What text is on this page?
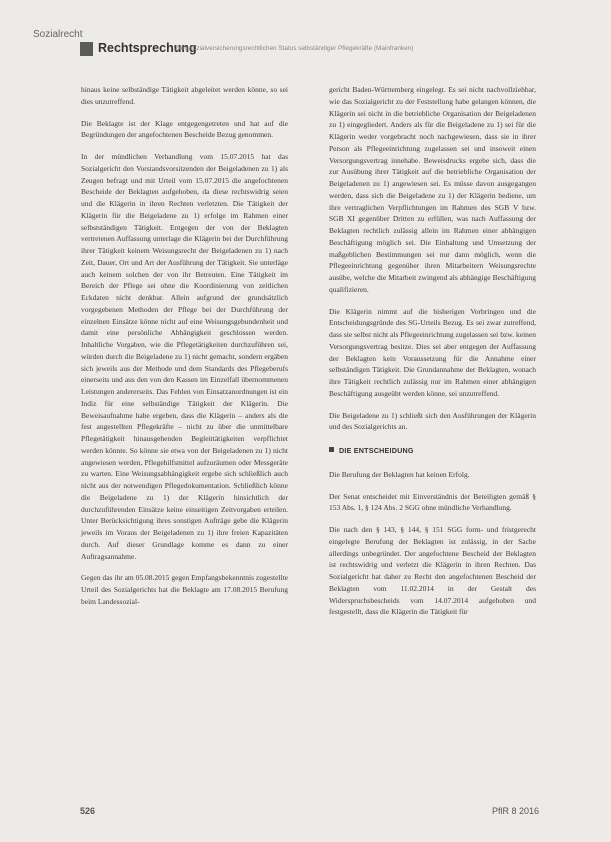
Sozialrecht
Rechtsprechung
Zum sozialversicherungsrechtlichen Status selbständiger Pflegekräfte (Mainfranken)

hinaus keine selbständige Tätigkeit abgeleitet werden könne, so sei dies unzutreffend.

Die Beklagte ist der Klage entgegengetreten und hat auf die Begründungen der angefochtenen Bescheide Bezug genommen.

In der mündlichen Verhandlung vom 15.07.2015 hat das Sozialgericht den Vorstandsvorsitzenden der Beigeladenen zu 1) als Zeugen befragt und mit Urteil vom 15.07.2015 die angefochtenen Bescheide der Beklagten aufgehoben, da diese rechtswidrig seien und die Klägerin in ihren Rechten verletzten. Die Tätigkeit der Klägerin für die Beigeladene zu 1) erfolge im Rahmen einer selbstständigen Tätigkeit. Entgegen der von der Beklagten vertretenen Auffassung unterlage die Klägerin bei der Durchführung ihrer Tätigkeit keinem Weisungsrecht der Beigeladenen zu 1) nach Zeit, Dauer, Ort und Art der Ausführung der Tätigkeit. Sie unterläge auch keinem solchen der von ihr Betreuten. Eine Tätigkeit im Bereich der Pflege sei ohne die Koordinierung von zeitlichen Eckdaten nicht denkbar. Allein aufgrund der grundsätzlich vorgegebenen Methoden der Pflege bei der Durchführung der einzelnen Einsätze könne nicht auf eine Weisungsgebundenheit und damit eine persönliche Abhängigkeit geschlossen werden. Inhaltliche Vorgaben, wie die Pflegetätigkeiten durchzuführen sei, würden durch die Beigeladene zu 1) nicht gemacht, sondern ergäben sich jeweils aus der Methode und dem Standards des Pflegeberufs einerseits und aus den von den Kassen im Einzelfall übernommenen Leistungen andererseits. Das Fehlen von Einsatzanordnungen ist ein Indiz für eine selbständige Tätigkeit der Klägerin. Die Beweisaufnahme habe ergeben, dass die Klägerin – anders als die fest angestellten Pflegekräfte – nicht zu über die unmittelbare Pflegetätigkeit hinausgehenden Begleittätigkeiten verpflichtet werden könnte. So könne sie etwa von der Beigeladenen zu 1) nicht angewiesen werden, Pflegehilfsmittel aufzuräumen oder Messgeräte zu warten. Eine Weisungsabhängigkeit ergebe sich schließlich auch nicht aus der notwendigen Pflegedokumentation. Schließlich könne die Beigeladene zu 1) der Klägerin hinsichtlich der durchzuführenden Einsätze keine einseitigen Zeitvorgaben erteilen. Unter Berücksichtigung ihres sonstigen Aufträge gebe die Klägerin jeweils im Voraus der Beigeladenen zu 1) ihre freien Kapazitäten durch. Auf dieser Grundlage komme es dann zu einer Auftragsannahme.

Gegen das ihr am 05.08.2015 gegen Empfangsbekenntnis zugestellte Urteil des Sozialgerichts hat die Beklagte am 17.08.2015 Berufung beim Landessozial-

gericht Baden-Württemberg eingelegt. Es sei nicht nachvollziehbar, wie das Sozialgericht zu der Feststellung habe gelangen können, die Klägerin sei nicht in die betriebliche Organisation der Beigeladenen zu 1) eingegliedert. Anders als für die Beigeladene zu 1) sei für die Klägerin weder vorgebracht noch nachgewiesen, dass sie in ihrer Person als Pflegeeinrichtung zugelassen sei und insoweit einen Versorgungsvertrag innehabe. Beweisdrucks ergebe sich, dass die zur Ausübung ihrer Tätigkeit auf die betriebliche Organisation der Beigeladenen zu 1) angewiesen sei. Es müsse davon ausgegangen werden, dass sich die Beigeladene zu 1) der Klägerin bediene, um ihre vertraglichen Verpflichtungen im Rahmen des SGB V bzw. SGB XI gegenüber Dritten zu erfüllen, was nach Auffassung der Beklagten rechtlich zulässig allein im Rahmen einer abhängigen Beschäftigung möglich sei. Die Einhaltung und Umsetzung der maßgeblichen Bestimmungen sei nur dann möglich, wenn die Pflegeeinrichtung gegenüber ihren Mitarbeitern Weisungsrechte ausübe, welche die Mitarbeit zwingend als abhängige Beschäftigung qualifizieren.

Die Klägerin nimmt auf die bisherigen Vorbringen und die Entscheidungsgründe des SG-Urteils Bezug. Es sei zwar zutreffend, dass sie selbst nicht als Pflegeeinrichtung zugelassen sei bzw. keinen Versorgungsvertrag besitze. Dies sei aber entgegen der Auffassung der Beklagten kein Voraussetzung für die Annahme einer selbständigen Tätigkeit. Die Grundannahme der Beklagten, wonach ihre Tätigkeit rechtlich zulässig nur im Rahmen einer abhängigen Beschäftigung ausgeübt werden könne, sei unzutreffend.

Die Beigeladene zu 1) schließt sich den Ausführungen der Klägerin und des Sozialgerichts an.

DIE ENTSCHEIDUNG

Die Berufung der Beklagten hat keinen Erfolg.

Der Senat entscheidet mit Einverständnis der Beteiligten gemäß § 153 Abs. 1, § 124 Abs. 2 SGG ohne mündliche Verhandlung.

Die nach den § 143, § 144, § 151 SGG form- und fristgerecht eingelegte Berufung der Beklagten ist zulässig, in der Sache allerdings unbegründet. Der angefochtene Bescheid der Beklagten ist rechtswidrig und verletzt die Klägerin in ihren Rechten. Das Sozialgericht hat daher zu Recht den angefochtenen Bescheid der Beklagten vom 11.02.2014 in der Gestalt des Widerspruchsbescheids vom 14.07.2014 aufgehoben und festgestellt, dass die Klägerin die Tätigkeit für

526	PflR 8 2016
